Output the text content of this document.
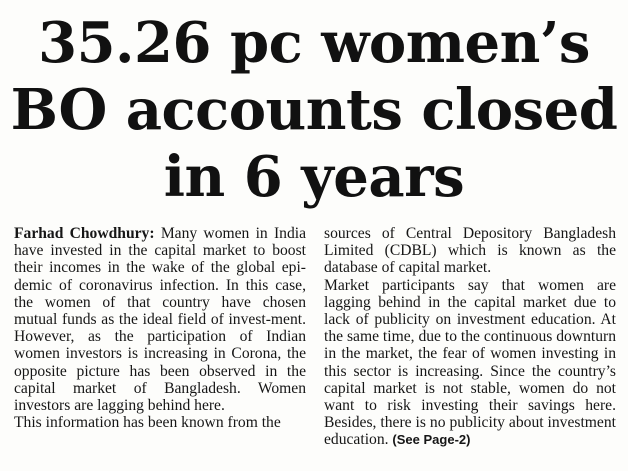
35.26 pc women’s
BO accounts closed
in 6 years

Farhad Chowdhury: Many women in India have invested in the capital market to boost their incomes in the wake of the global epi-demic of coronavirus infection. In this case, the women of that country have chosen mutual funds as the ideal field of invest-ment. However, as the participation of Indian women investors is increasing in Corona, the opposite picture has been observed in the capital market of Bangladesh. Women investors are lagging behind here.

This information has been known from the

sources of Central Depository Bangladesh Limited (CDBL) which is known as the database of capital market.

Market participants say that women are lagging behind in the capital market due to lack of publicity on investment education. At the same time, due to the continuous downturn in the market, the fear of women investing in this sector is increasing. Since the country’s capital market is not stable, women do not want to risk investing their savings here. Besides, there is no publicity about investment education. (See Page-2)
